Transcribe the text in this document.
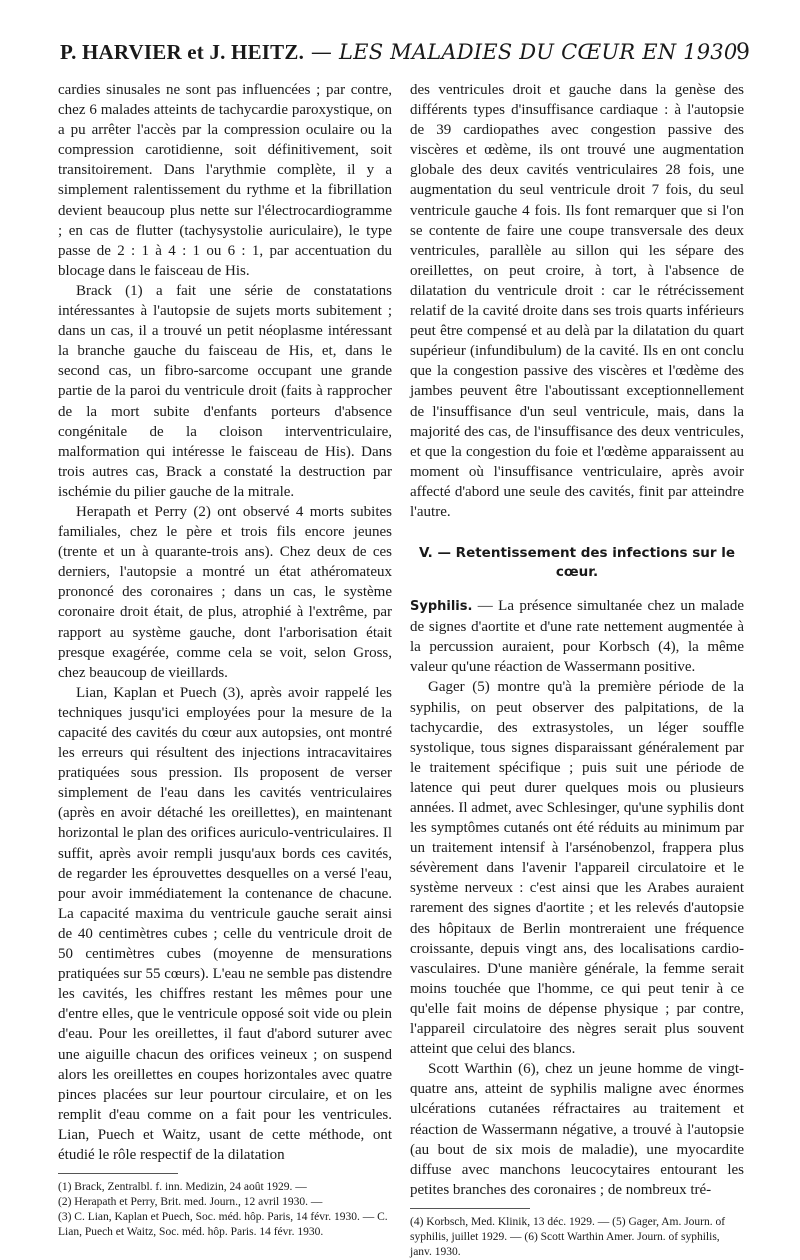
P. HARVIER et J. HEITZ. — LES MALADIES DU CŒUR EN 1930
9

cardies sinusales ne sont pas influencées ; par contre, chez 6 malades atteints de tachycardie paroxystique, on a pu arrêter l'accès par la compression oculaire ou la compression carotidienne, soit définitivement, soit transitoirement. Dans l'arythmie complète, il y a simplement ralentissement du rythme et la fibrillation devient beaucoup plus nette sur l'électrocardiogramme ; en cas de flutter (tachysystolie auriculaire), le type passe de 2 : 1 à 4 : 1 ou 6 : 1, par accentuation du blocage dans le faisceau de His.

Brack (1) a fait une série de constatations intéressantes à l'autopsie de sujets morts subitement ; dans un cas, il a trouvé un petit néoplasme intéressant la branche gauche du faisceau de His, et, dans le second cas, un fibro-sarcome occupant une grande partie de la paroi du ventricule droit (faits à rapprocher de la mort subite d'enfants porteurs d'absence congénitale de la cloison interventriculaire, malformation qui intéresse le faisceau de His). Dans trois autres cas, Brack a constaté la destruction par ischémie du pilier gauche de la mitrale.

Herapath et Perry (2) ont observé 4 morts subites familiales, chez le père et trois fils encore jeunes (trente et un à quarante-trois ans). Chez deux de ces derniers, l'autopsie a montré un état athéromateux prononcé des coronaires ; dans un cas, le système coronaire droit était, de plus, atrophié à l'extrême, par rapport au système gauche, dont l'arborisation était presque exagérée, comme cela se voit, selon Gross, chez beaucoup de vieillards.

Lian, Kaplan et Puech (3), après avoir rappelé les techniques jusqu'ici employées pour la mesure de la capacité des cavités du cœur aux autopsies, ont montré les erreurs qui résultent des injections intracavitaires pratiquées sous pression. Ils proposent de verser simplement de l'eau dans les cavités ventriculaires (après en avoir détaché les oreillettes), en maintenant horizontal le plan des orifices auriculo-ventriculaires. Il suffit, après avoir rempli jusqu'aux bords ces cavités, de regarder les éprouvettes desquelles on a versé l'eau, pour avoir immédiatement la contenance de chacune. La capacité maxima du ventricule gauche serait ainsi de 40 centimètres cubes ; celle du ventricule droit de 50 centimètres cubes (moyenne de mensurations pratiquées sur 55 cœurs). L'eau ne semble pas distendre les cavités, les chiffres restant les mêmes pour une d'entre elles, que le ventricule opposé soit vide ou plein d'eau. Pour les oreillettes, il faut d'abord suturer avec une aiguille chacun des orifices veineux ; on suspend alors les oreillettes en coupes horizontales avec quatre pinces placées sur leur pourtour circulaire, et on les remplit d'eau comme on a fait pour les ventricules. Lian, Puech et Waitz, usant de cette méthode, ont étudié le rôle respectif de la dilatation

(1) Brack, Zentralbl. f. inn. Medizin, 24 août 1929. —
(2) Herapath et Perry, Brit. med. Journ., 12 avril 1930. —
(3) C. Lian, Kaplan et Puech, Soc. méd. hôp. Paris, 14 févr. 1930. — C. Lian, Puech et Waitz, Soc. méd. hôp. Paris. 14 févr. 1930.

des ventricules droit et gauche dans la genèse des différents types d'insuffisance cardiaque : à l'autopsie de 39 cardiopathes avec congestion passive des viscères et œdème, ils ont trouvé une augmentation globale des deux cavités ventriculaires 28 fois, une augmentation du seul ventricule droit 7 fois, du seul ventricule gauche 4 fois. Ils font remarquer que si l'on se contente de faire une coupe transversale des deux ventricules, parallèle au sillon qui les sépare des oreillettes, on peut croire, à tort, à l'absence de dilatation du ventricule droit : car le rétrécissement relatif de la cavité droite dans ses trois quarts inférieurs peut être compensé et au delà par la dilatation du quart supérieur (infundibulum) de la cavité. Ils en ont conclu que la congestion passive des viscères et l'œdème des jambes peuvent être l'aboutissant exceptionnellement de l'insuffisance d'un seul ventricule, mais, dans la majorité des cas, de l'insuffisance des deux ventricules, et que la congestion du foie et l'œdème apparaissent au moment où l'insuffisance ventriculaire, après avoir affecté d'abord une seule des cavités, finit par atteindre l'autre.

V. — Retentissement des infections sur le cœur.

Syphilis. — La présence simultanée chez un malade de signes d'aortite et d'une rate nettement augmentée à la percussion auraient, pour Korbsch (4), la même valeur qu'une réaction de Wassermann positive.

Gager (5) montre qu'à la première période de la syphilis, on peut observer des palpitations, de la tachycardie, des extrasystoles, un léger souffle systolique, tous signes disparaissant généralement par le traitement spécifique ; puis suit une période de latence qui peut durer quelques mois ou plusieurs années. Il admet, avec Schlesinger, qu'une syphilis dont les symptômes cutanés ont été réduits au minimum par un traitement intensif à l'arsénobenzol, frappera plus sévèrement dans l'avenir l'appareil circulatoire et le système nerveux : c'est ainsi que les Arabes auraient rarement des signes d'aortite ; et les relevés d'autopsie des hôpitaux de Berlin montreraient une fréquence croissante, depuis vingt ans, des localisations cardio-vasculaires. D'une manière générale, la femme serait moins touchée que l'homme, ce qui peut tenir à ce qu'elle fait moins de dépense physique ; par contre, l'appareil circulatoire des nègres serait plus souvent atteint que celui des blancs.

Scott Warthin (6), chez un jeune homme de vingt-quatre ans, atteint de syphilis maligne avec énormes ulcérations cutanées réfractaires au traitement et réaction de Wassermann négative, a trouvé à l'autopsie (au bout de six mois de maladie), une myocardite diffuse avec manchons leucocytaires entourant les petites branches des coronaires ; de nombreux tré-

(4) Korbsch, Med. Klinik, 13 déc. 1929. — (5) Gager, Am. Journ. of syphilis, juillet 1929. — (6) Scott Warthin Amer. Journ. of syphilis, janv. 1930.
